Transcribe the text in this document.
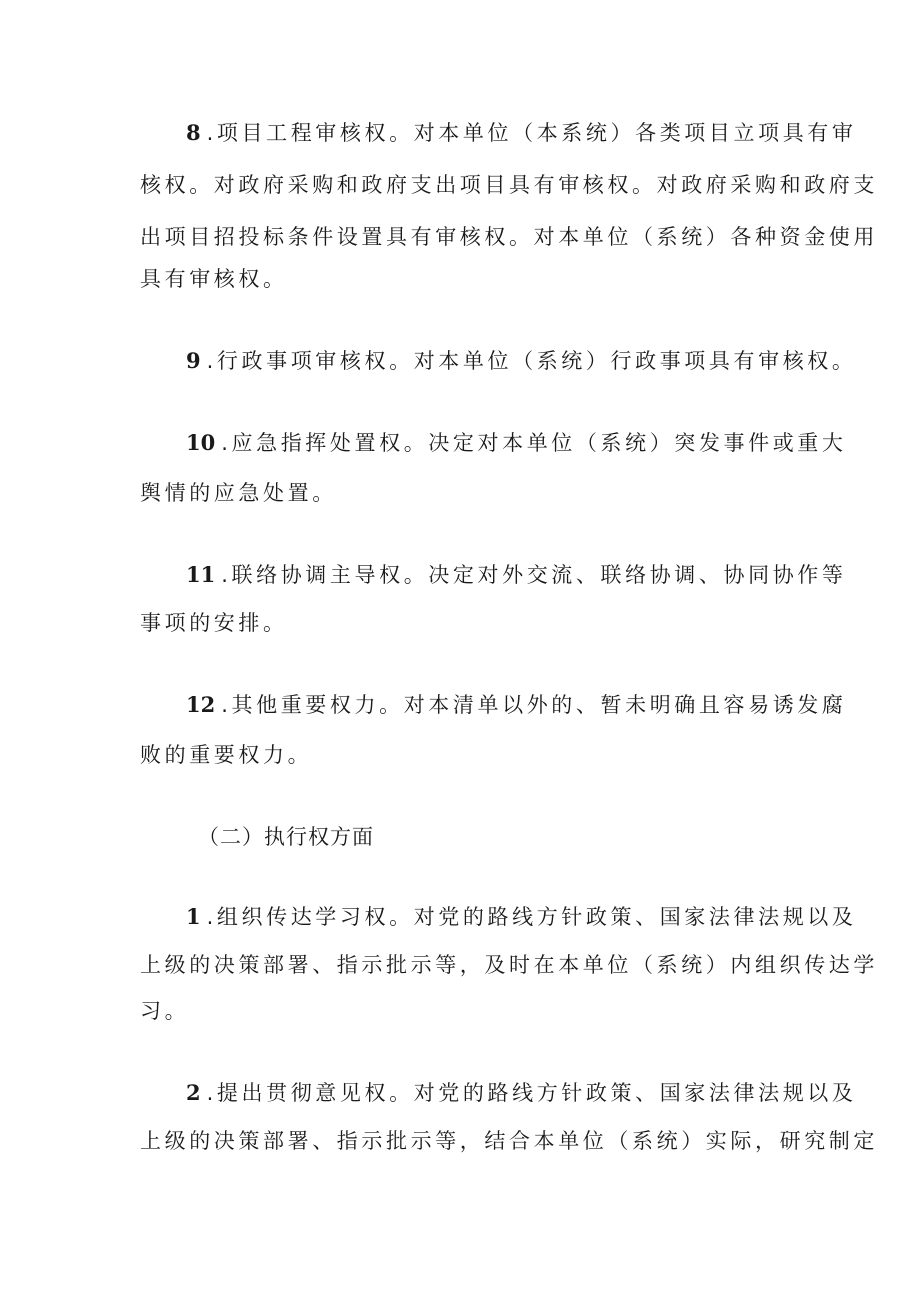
8 .项目工程审核权。对本单位（本系统）各类项目立项具有审
核权。对政府采购和政府支出项目具有审核权。对政府采购和政府支
出项目招投标条件设置具有审核权。对本单位（系统）各种资金使用
具有审核权。
9 .行政事项审核权。对本单位（系统）行政事项具有审核权。
10 .应急指挥处置权。决定对本单位（系统）突发事件或重大
舆情的应急处置。
11 .联络协调主导权。决定对外交流、联络协调、协同协作等
事项的安排。
12 .其他重要权力。对本清单以外的、暂未明确且容易诱发腐
败的重要权力。
（二）执行权方面
1 .组织传达学习权。对党的路线方针政策、国家法律法规以及
上级的决策部署、指示批示等，及时在本单位（系统）内组织传达学
习。
2 .提出贯彻意见权。对党的路线方针政策、国家法律法规以及
上级的决策部署、指示批示等，结合本单位（系统）实际，研究制定
